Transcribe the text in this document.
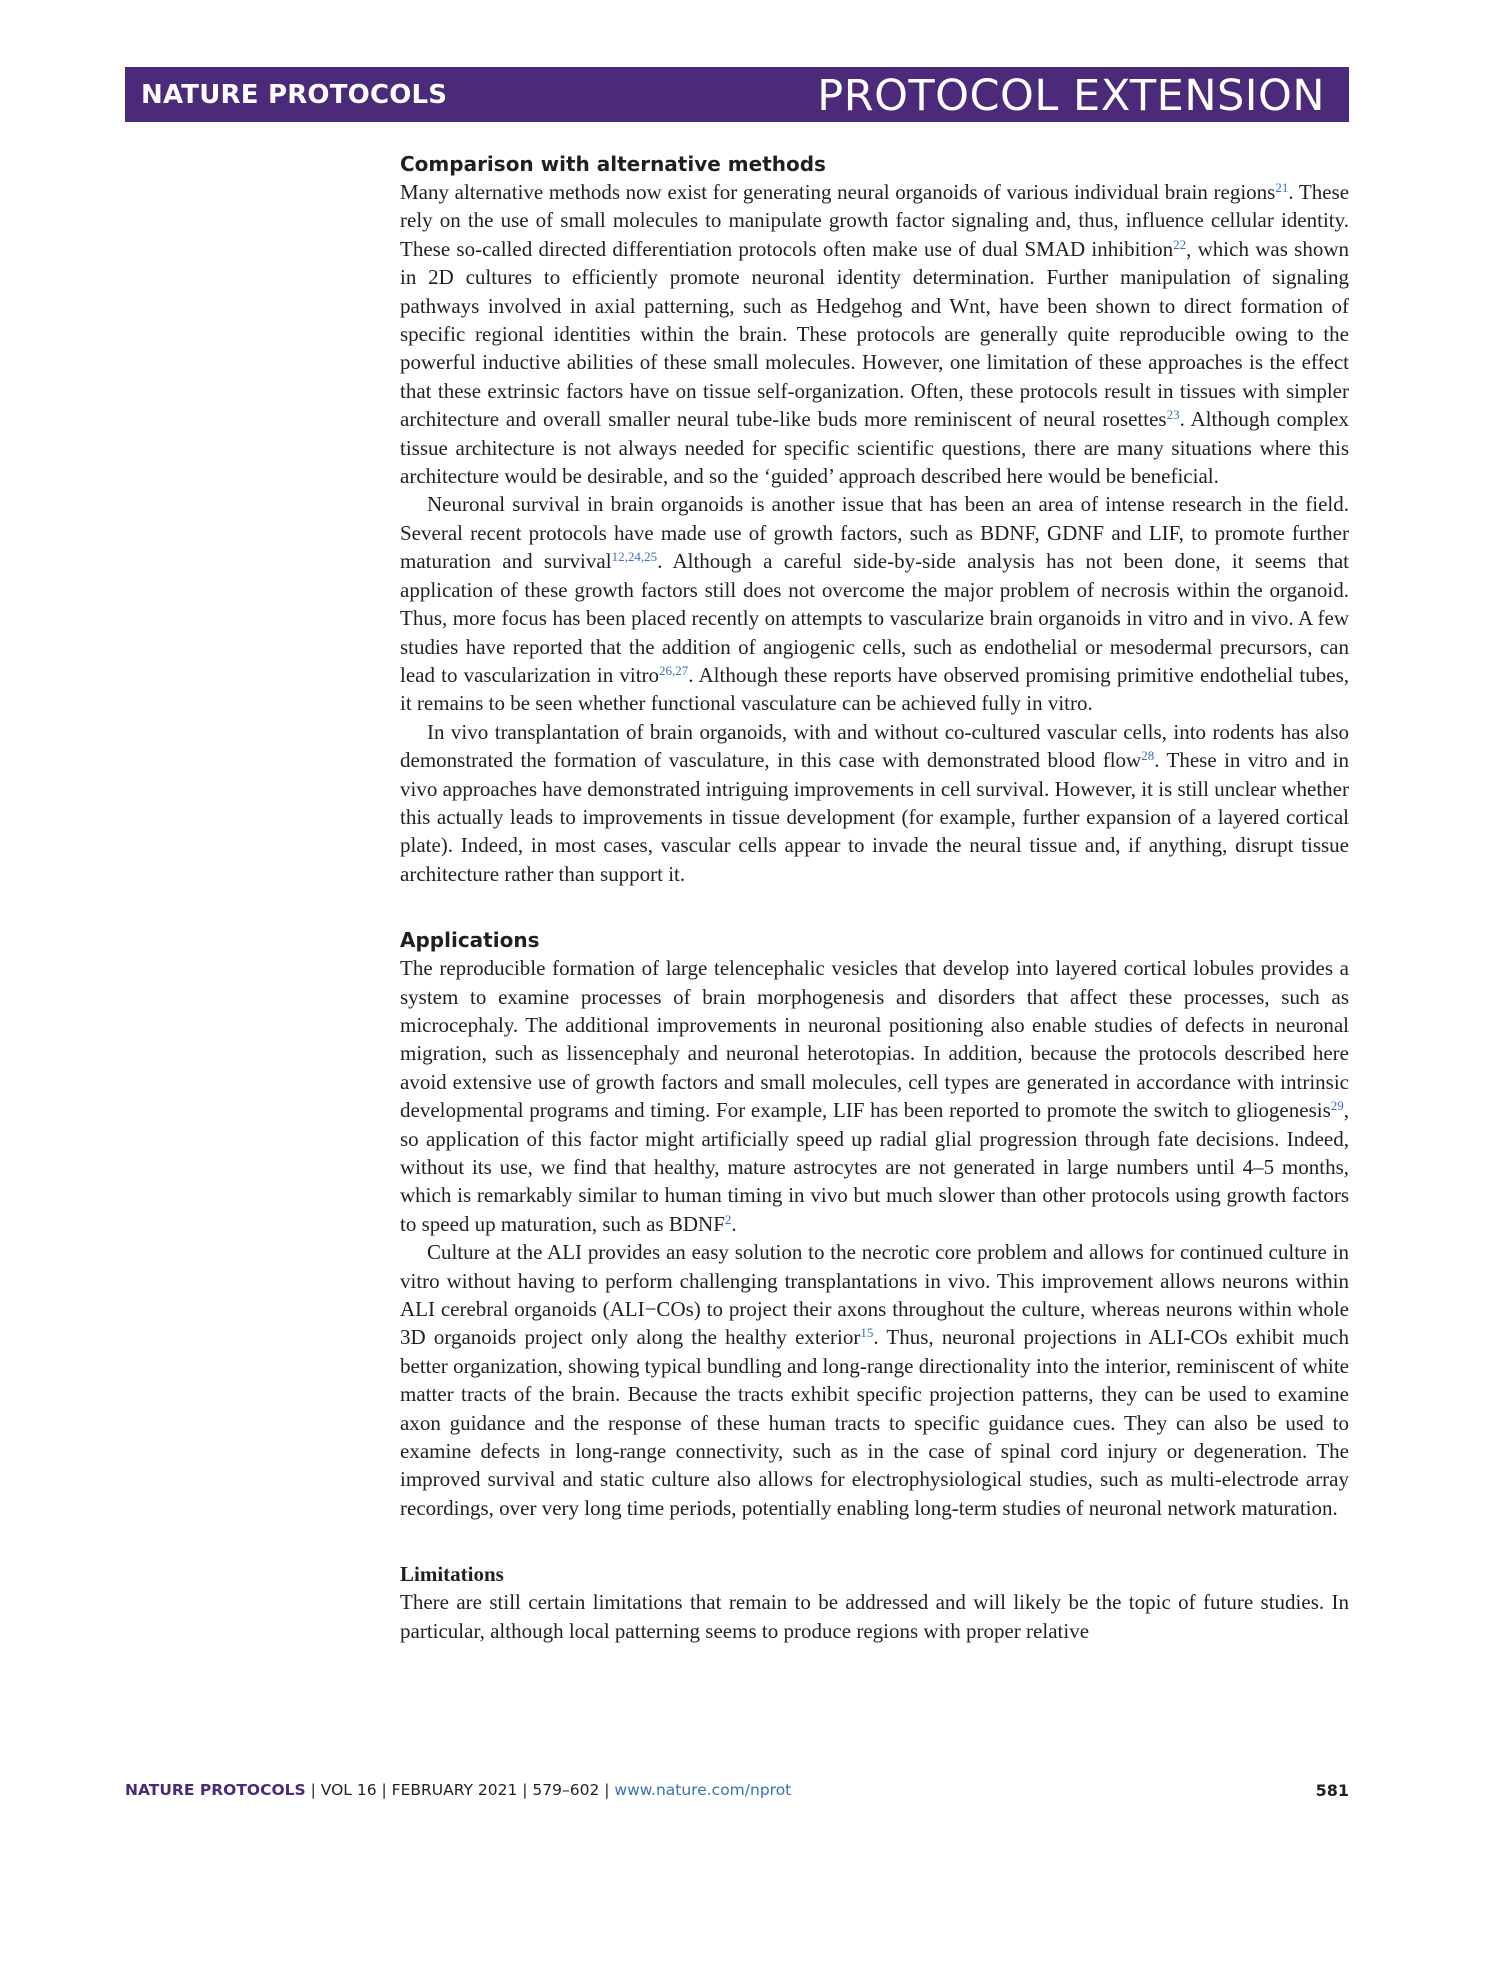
NATURE PROTOCOLS	PROTOCOL EXTENSION
Comparison with alternative methods

Many alternative methods now exist for generating neural organoids of various individual brain regions$^{21}$. These rely on the use of small molecules to manipulate growth factor signaling and, thus, influence cellular identity. These so-called directed differentiation protocols often make use of dual SMAD inhibition$^{22}$, which was shown in 2D cultures to efficiently promote neuronal identity determination. Further manipulation of signaling pathways involved in axial patterning, such as Hedgehog and Wnt, have been shown to direct formation of specific regional identities within the brain. These protocols are generally quite reproducible owing to the powerful inductive abilities of these small molecules. However, one limitation of these approaches is the effect that these extrinsic factors have on tissue self-organization. Often, these protocols result in tissues with simpler architecture and overall smaller neural tube-like buds more reminiscent of neural rosettes$^{23}$. Although complex tissue architecture is not always needed for specific scientific questions, there are many situations where this architecture would be desirable, and so the ‘guided’ approach described here would be beneficial.

Neuronal survival in brain organoids is another issue that has been an area of intense research in the field. Several recent protocols have made use of growth factors, such as BDNF, GDNF and LIF, to promote further maturation and survival$^{12,24,25}$. Although a careful side-by-side analysis has not been done, it seems that application of these growth factors still does not overcome the major problem of necrosis within the organoid. Thus, more focus has been placed recently on attempts to vascularize brain organoids in vitro and in vivo. A few studies have reported that the addition of angiogenic cells, such as endothelial or mesodermal precursors, can lead to vascularization in vitro$^{26,27}$. Although these reports have observed promising primitive endothelial tubes, it remains to be seen whether functional vasculature can be achieved fully in vitro.

In vivo transplantation of brain organoids, with and without co-cultured vascular cells, into rodents has also demonstrated the formation of vasculature, in this case with demonstrated blood flow$^{28}$. These in vitro and in vivo approaches have demonstrated intriguing improvements in cell survival. However, it is still unclear whether this actually leads to improvements in tissue development (for example, further expansion of a layered cortical plate). Indeed, in most cases, vascular cells appear to invade the neural tissue and, if anything, disrupt tissue architecture rather than support it.

Applications

The reproducible formation of large telencephalic vesicles that develop into layered cortical lobules provides a system to examine processes of brain morphogenesis and disorders that affect these processes, such as microcephaly. The additional improvements in neuronal positioning also enable studies of defects in neuronal migration, such as lissencephaly and neuronal heterotopias. In addition, because the protocols described here avoid extensive use of growth factors and small molecules, cell types are generated in accordance with intrinsic developmental programs and timing. For example, LIF has been reported to promote the switch to gliogenesis$^{29}$, so application of this factor might artificially speed up radial glial progression through fate decisions. Indeed, without its use, we find that healthy, mature astrocytes are not generated in large numbers until 4–5 months, which is remarkably similar to human timing in vivo but much slower than other protocols using growth factors to speed up maturation, such as BDNF$^2$.

Culture at the ALI provides an easy solution to the necrotic core problem and allows for continued culture in vitro without having to perform challenging transplantations in vivo. This improvement allows neurons within ALI cerebral organoids (ALI−COs) to project their axons throughout the culture, whereas neurons within whole 3D organoids project only along the healthy exterior$^{15}$. Thus, neuronal projections in ALI-COs exhibit much better organization, showing typical bundling and long-range directionality into the interior, reminiscent of white matter tracts of the brain. Because the tracts exhibit specific projection patterns, they can be used to examine axon guidance and the response of these human tracts to specific guidance cues. They can also be used to examine defects in long-range connectivity, such as in the case of spinal cord injury or degeneration. The improved survival and static culture also allows for electrophysiological studies, such as multi-electrode array recordings, over very long time periods, potentially enabling long-term studies of neuronal network maturation.

Limitations

There are still certain limitations that remain to be addressed and will likely be the topic of future studies. In particular, although local patterning seems to produce regions with proper relative

NATURE PROTOCOLS | VOL 16 | FEBRUARY 2021 | 579–602 | www.nature.com/nprot	581
